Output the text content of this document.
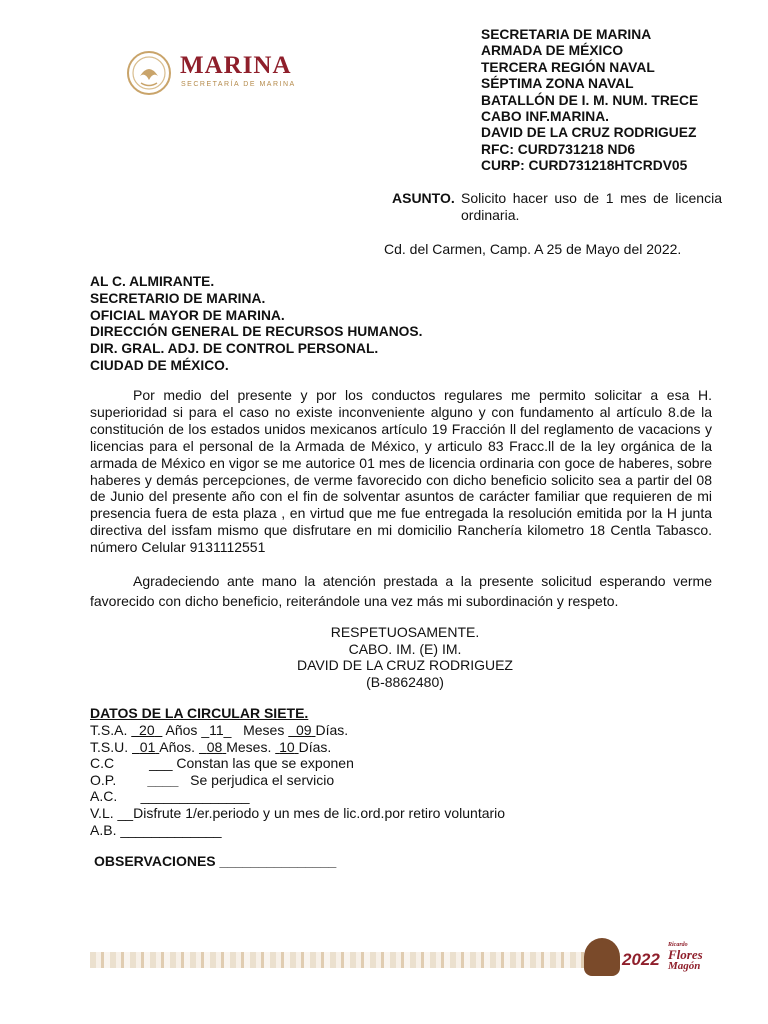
MARINA
SECRETARÍA DE MARINA
SECRETARIA DE MARINA
ARMADA DE MÉXICO
TERCERA REGIÓN NAVAL
SÉPTIMA ZONA NAVAL
BATALLÓN DE I. M. NUM. TRECE
CABO INF.MARINA.
DAVID DE LA CRUZ RODRIGUEZ
RFC: CURD731218 ND6
CURP: CURD731218HTCRDV05
ASUNTO. Solicito hacer uso de 1 mes de licencia ordinaria.
Cd. del Carmen, Camp. A 25 de Mayo del 2022.
AL C. ALMIRANTE.
SECRETARIO DE MARINA.
OFICIAL MAYOR DE MARINA.
DIRECCIÓN GENERAL DE RECURSOS HUMANOS.
DIR. GRAL. ADJ. DE CONTROL PERSONAL.
CIUDAD DE MÉXICO.
Por medio del presente y por los conductos regulares me permito solicitar a esa H. superioridad si para el caso no existe inconveniente alguno y con fundamento al artículo 8.de la constitución de los estados unidos mexicanos artículo 19 Fracción ll del reglamento de vacacions y licencias para el personal de la Armada de México, y articulo 83 Fracc.ll de la ley orgánica de la armada de México en vigor se me autorice 01 mes de licencia ordinaria con goce de haberes, sobre haberes y demás percepciones, de verme favorecido con dicho beneficio solicito sea a partir del 08 de Junio del presente año con el fin de solventar asuntos de carácter familiar que requieren de mi presencia fuera de esta plaza , en virtud que me fue entregada la resolución emitida por la H junta directiva del issfam mismo que disfrutare en mi domicilio Ranchería kilometro 18 Centla Tabasco. número Celular 9131112551
Agradeciendo ante mano la atención prestada a la presente solicitud esperando verme favorecido con dicho beneficio, reiterándole una vez más mi subordinación y respeto.
RESPETUOSAMENTE.
CABO. IM. (E) IM.
DAVID DE LA CRUZ RODRIGUEZ
(B-8862480)
DATOS DE LA CIRCULAR SIETE.
T.S.A. 20 Años _11_ Meses 09 Días.
T.S.U. 01 Años. 08 Meses. 10 Días.
C.C	___ Constan las que se exponen
O.P. ____ Se perjudica el servicio
A.C. ______________
V.L. __Disfrute 1/er.periodo y un mes de lic.ord.por retiro voluntario
A.B. _____________
OBSERVACIONES _______________
2022
Ricardo
Flores
Magón
